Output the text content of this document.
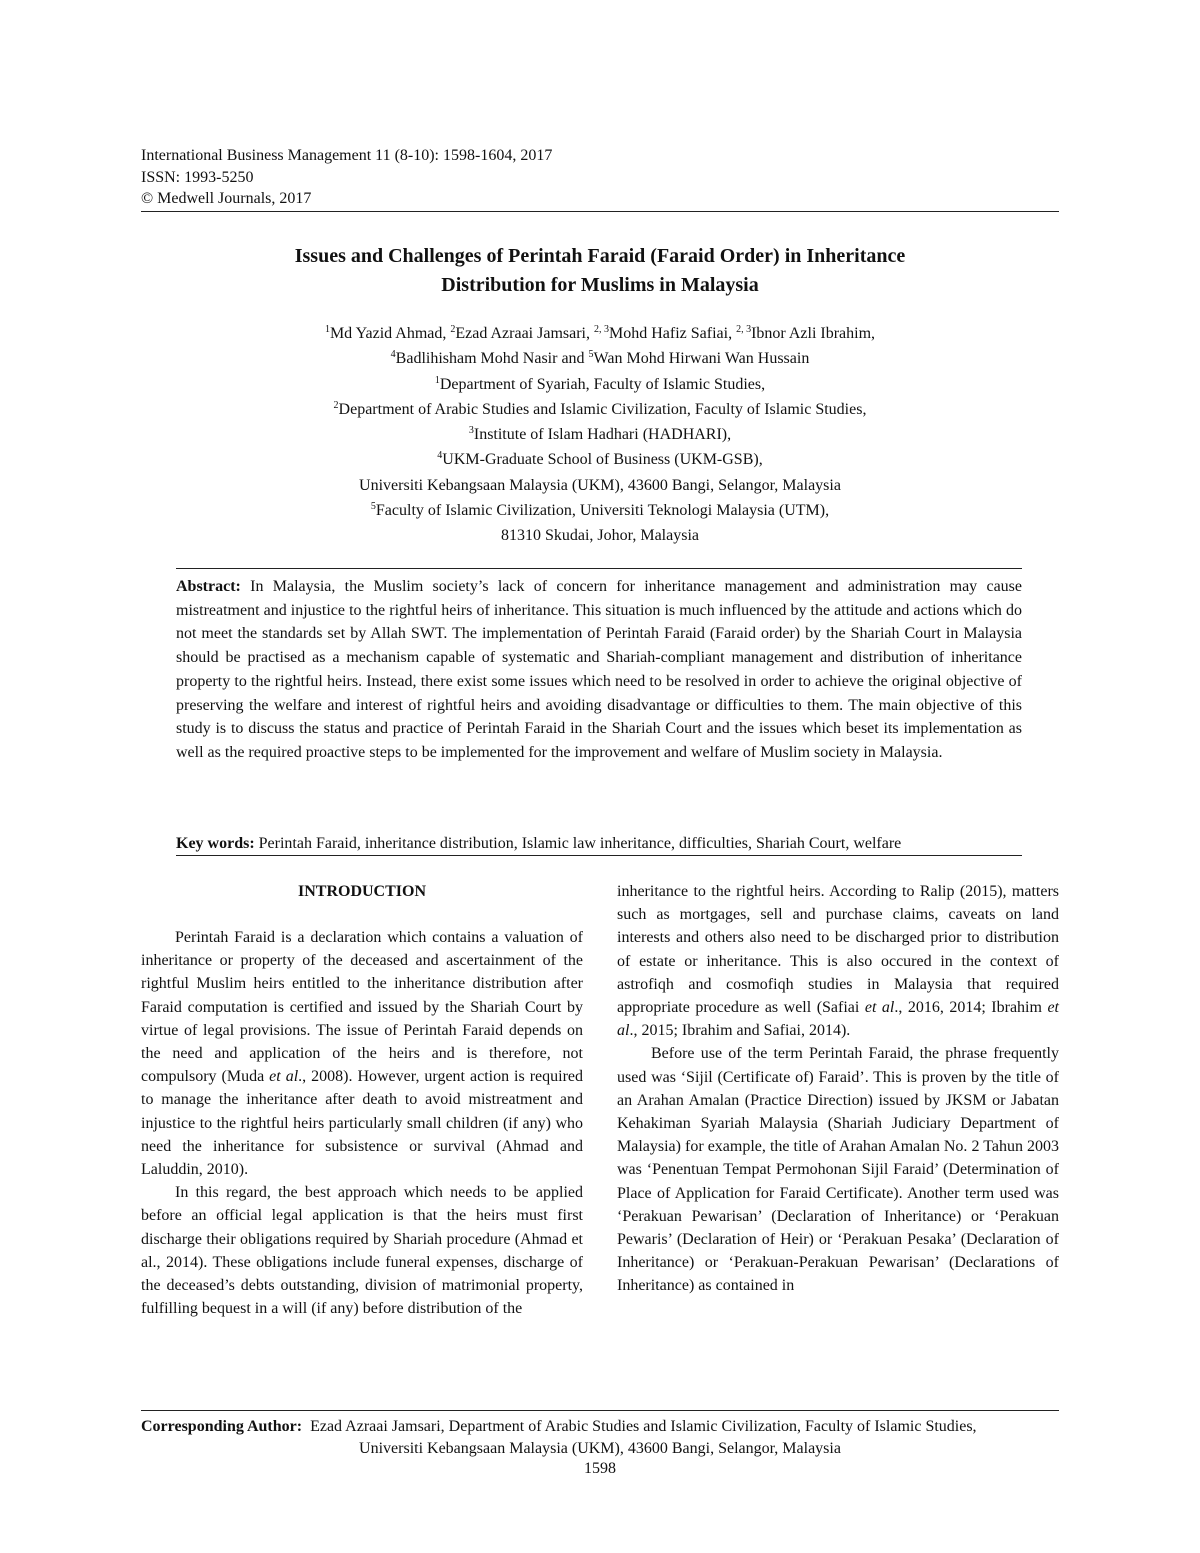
International Business Management 11 (8-10): 1598-1604, 2017
ISSN: 1993-5250
© Medwell Journals, 2017
Issues and Challenges of Perintah Faraid (Faraid Order) in Inheritance
Distribution for Muslims in Malaysia
$^1$Md Yazid Ahmad, $^2$Ezad Azraai Jamsari, $^{2, 3}$Mohd Hafiz Safiai, $^{2, 3}$Ibnor Azli Ibrahim,
$^4$Badlihisham Mohd Nasir and $^5$Wan Mohd Hirwani Wan Hussain
$^1$Department of Syariah, Faculty of Islamic Studies,
$^2$Department of Arabic Studies and Islamic Civilization, Faculty of Islamic Studies,
$^3$Institute of Islam Hadhari (HADHARI),
$^4$UKM-Graduate School of Business (UKM-GSB),
Universiti Kebangsaan Malaysia (UKM), 43600 Bangi, Selangor, Malaysia
$^5$Faculty of Islamic Civilization, Universiti Teknologi Malaysia (UTM),
81310 Skudai, Johor, Malaysia
Abstract: In Malaysia, the Muslim society’s lack of concern for inheritance management and administration may cause mistreatment and injustice to the rightful heirs of inheritance. This situation is much influenced by the attitude and actions which do not meet the standards set by Allah SWT. The implementation of Perintah Faraid (Faraid order) by the Shariah Court in Malaysia should be practised as a mechanism capable of systematic and Shariah-compliant management and distribution of inheritance property to the rightful heirs. Instead, there exist some issues which need to be resolved in order to achieve the original objective of preserving the welfare and interest of rightful heirs and avoiding disadvantage or difficulties to them. The main objective of this study is to discuss the status and practice of Perintah Faraid in the Shariah Court and the issues which beset its implementation as well as the required proactive steps to be implemented for the improvement and welfare of Muslim society in Malaysia.
Key words: Perintah Faraid, inheritance distribution, Islamic law inheritance, difficulties, Shariah Court, welfare
INTRODUCTION

Perintah Faraid is a declaration which contains a valuation of inheritance or property of the deceased and ascertainment of the rightful Muslim heirs entitled to the inheritance distribution after Faraid computation is certified and issued by the Shariah Court by virtue of legal provisions. The issue of Perintah Faraid depends on the need and application of the heirs and is therefore, not compulsory (Muda et al., 2008). However, urgent action is required to manage the inheritance after death to avoid mistreatment and injustice to the rightful heirs particularly small children (if any) who need the inheritance for subsistence or survival (Ahmad and Laluddin, 2010).

In this regard, the best approach which needs to be applied before an official legal application is that the heirs must first discharge their obligations required by Shariah procedure (Ahmad et al., 2014). These obligations include funeral expenses, discharge of the deceased’s debts outstanding, division of matrimonial property, fulfilling bequest in a will (if any) before distribution of the

inheritance to the rightful heirs. According to Ralip (2015), matters such as mortgages, sell and purchase claims, caveats on land interests and others also need to be discharged prior to distribution of estate or inheritance. This is also occured in the context of astrofiqh and cosmofiqh studies in Malaysia that required appropriate procedure as well (Safiai et al., 2016, 2014; Ibrahim et al., 2015; Ibrahim and Safiai, 2014).

Before use of the term Perintah Faraid, the phrase frequently used was ‘Sijil (Certificate of) Faraid’. This is proven by the title of an Arahan Amalan (Practice Direction) issued by JKSM or Jabatan Kehakiman Syariah Malaysia (Shariah Judiciary Department of Malaysia) for example, the title of Arahan Amalan No. 2 Tahun 2003 was ‘Penentuan Tempat Permohonan Sijil Faraid’ (Determination of Place of Application for Faraid Certificate). Another term used was ‘Perakuan Pewarisan’ (Declaration of Inheritance) or ‘Perakuan Pewaris’ (Declaration of Heir) or ‘Perakuan Pesaka’ (Declaration of Inheritance) or ‘Perakuan-Perakuan Pewarisan’ (Declarations of Inheritance) as contained in

Corresponding Author:  Ezad Azraai Jamsari, Department of Arabic Studies and Islamic Civilization, Faculty of Islamic Studies,
Universiti Kebangsaan Malaysia (UKM), 43600 Bangi, Selangor, Malaysia
1598
